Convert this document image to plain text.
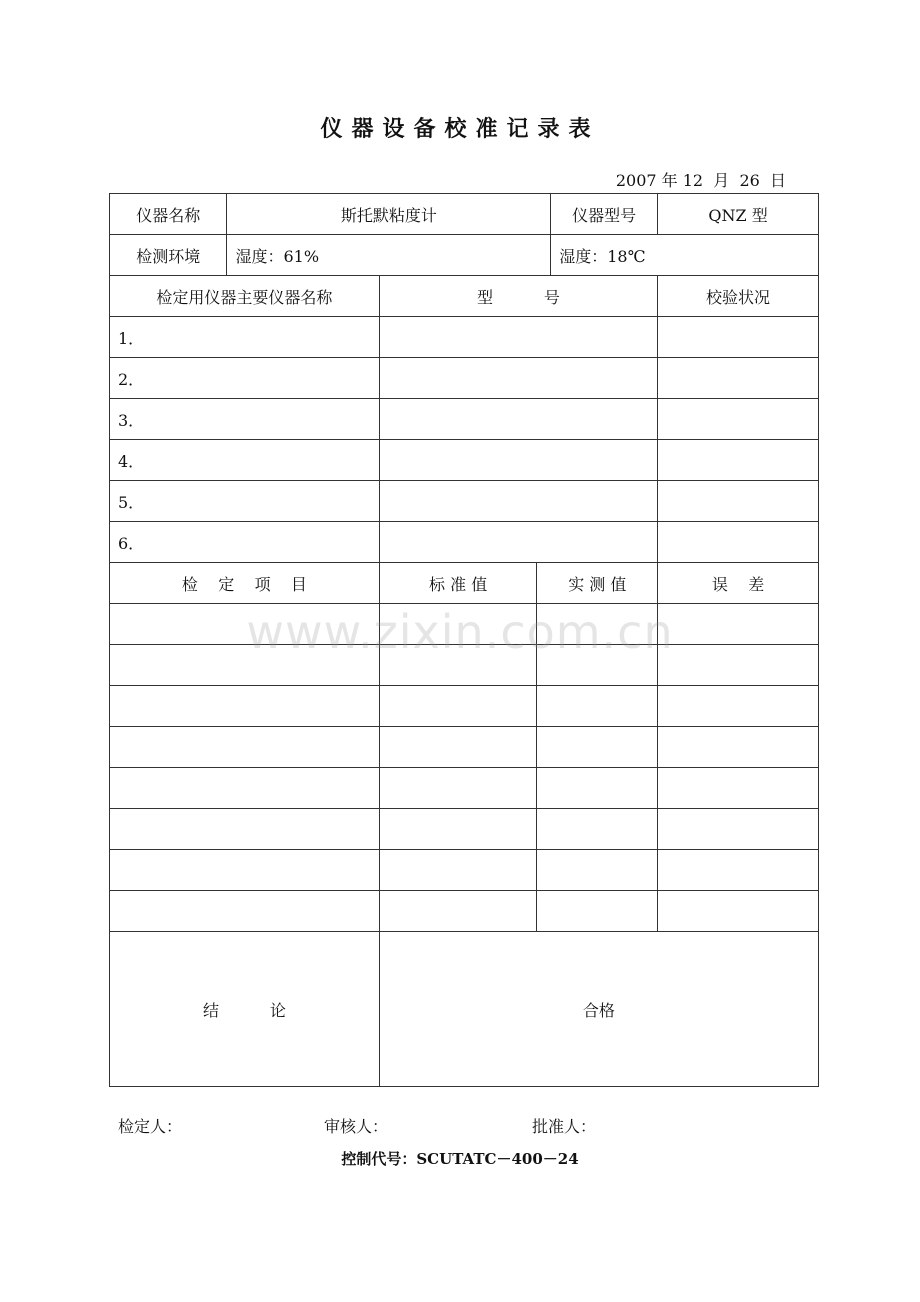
仪器设备校准记录表
2007 年 12  月  26  日
仪器名称	斯托默粘度计			仪器型号	QNZ 型
检测环境	湿度：61%			湿度：18℃	
检定用仪器主要仪器名称		型          号			校验状况
1．					
2．					
3．					
4．					
5．					
6．					
检    定    项    目		标 准 值	实 测 值		误    差

结          论		合格			
www.zixin.com.cn
检定人：	审核人：	批准人：
控制代号：SCUTATC－400－24
